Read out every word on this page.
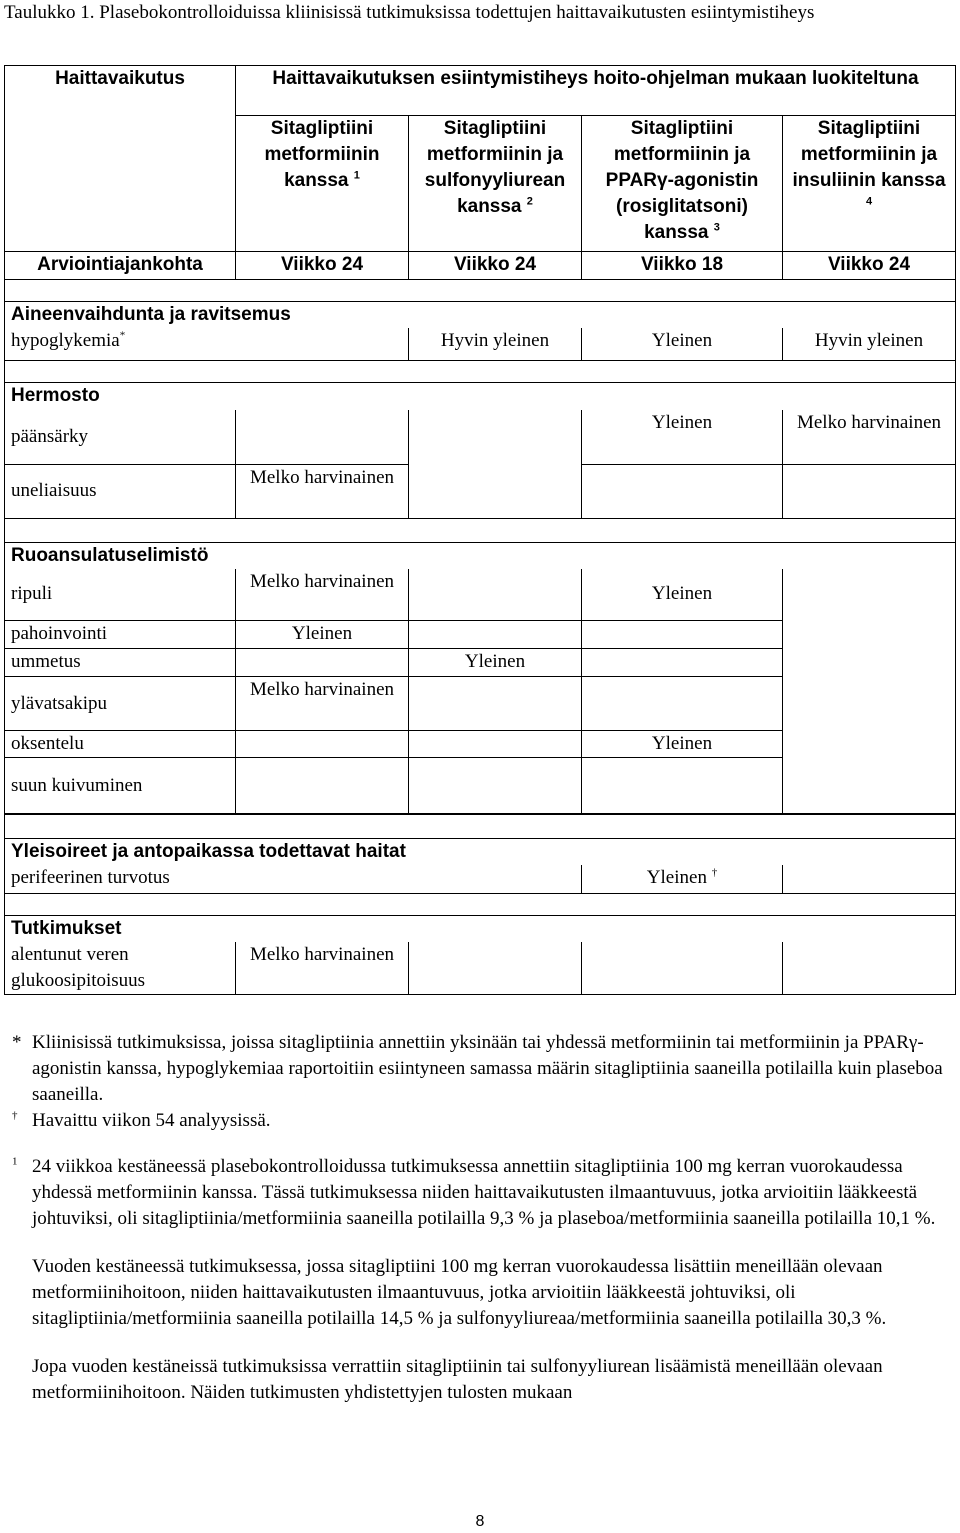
Taulukko 1. Plasebokontrolloiduissa kliinisissä tutkimuksissa todettujen haittavaikutusten esiintymistiheys
Haittavaikutus	Haittavaikutuksen esiintymistiheys hoito-ohjelman mukaan luokiteltuna			
	Sitagliptiini metformiinin kanssa $^1$	Sitagliptiini metformiinin ja sulfonyyliurean kanssa $^2$	Sitagliptiini metformiinin ja PPARγ-agonistin (rosiglitatsoni) kanssa $^3$	Sitagliptiini metformiinin ja insuliinin kanssa $^4$
Arviointiajankohta	Viikko 24	Viikko 24	Viikko 18	Viikko 24

Aineenvaihdunta ja ravitsemus				
hypoglykemia*		Hyvin yleinen	Yleinen	Hyvin yleinen

Hermosto				
päänsärky			Yleinen	Melko harvinainen
uneliaisuus	Melko harvinainen			

Ruoansulatuselimistö				
ripuli	Melko harvinainen		Yleinen	
pahoinvointi	Yleinen			
ummetus		Yleinen		
ylävatsakipu	Melko harvinainen			
oksentelu			Yleinen	
suun kuivuminen				

Yleisoireet ja antopaikassa todettavat haitat				
perifeerinen turvotus			Yleinen †	

Tutkimukset				
alentunut veren glukoosipitoisuus	Melko harvinainen			
* Kliinisissä tutkimuksissa, joissa sitagliptiinia annettiin yksinään tai yhdessä metformiinin tai metformiinin ja PPARγ-agonistin kanssa, hypoglykemiaa raportoitiin esiintyneen samassa määrin sitagliptiinia saaneilla potilailla kuin plaseboa saaneilla.
† Havaittu viikon 54 analyysissä.
$^1$ 24 viikkoa kestäneessä plasebokontrolloidussa tutkimuksessa annettiin sitagliptiinia 100 mg kerran vuorokaudessa yhdessä metformiinin kanssa. Tässä tutkimuksessa niiden haittavaikutusten ilmaantuvuus, jotka arvioitiin lääkkeestä johtuviksi, oli sitagliptiinia/metformiinia saaneilla potilailla 9,3 % ja plaseboa/metformiinia saaneilla potilailla 10,1 %.

Vuoden kestäneessä tutkimuksessa, jossa sitagliptiini 100 mg kerran vuorokaudessa lisättiin meneillään olevaan metformiinihoitoon, niiden haittavaikutusten ilmaantuvuus, jotka arvioitiin lääkkeestä johtuviksi, oli sitagliptiinia/metformiinia saaneilla potilailla 14,5 % ja sulfonyyliureaa/metformiinia saaneilla potilailla 30,3 %.

Jopa vuoden kestäneissä tutkimuksissa verrattiin sitagliptiinin tai sulfonyyliurean lisäämistä meneillään olevaan metformiinihoitoon. Näiden tutkimusten yhdistettyjen tulosten mukaan

8
